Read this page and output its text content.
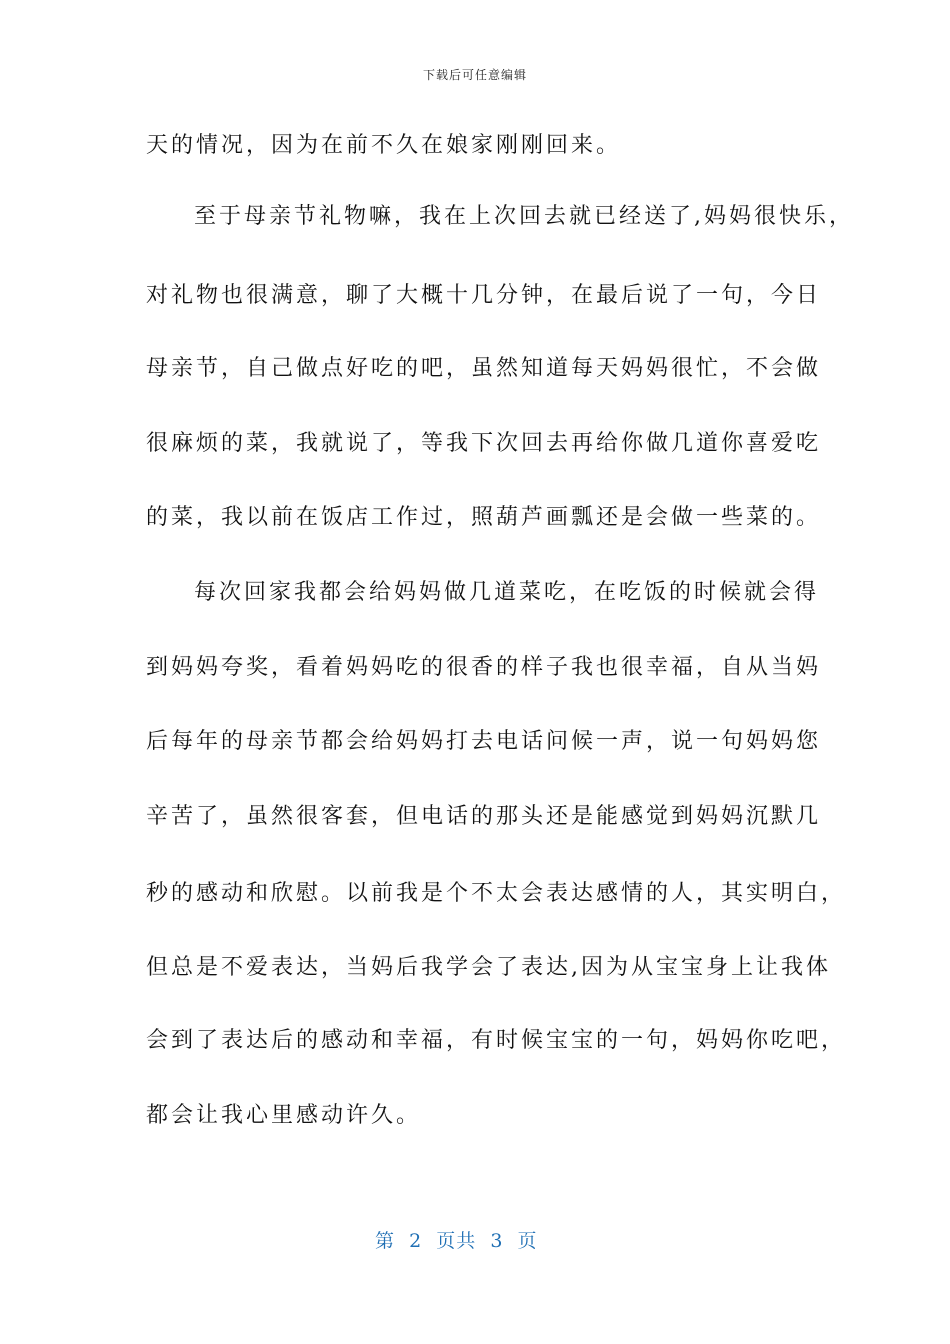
下载后可任意编辑
天的情况，因为在前不久在娘家刚刚回来。
至于母亲节礼物嘛，我在上次回去就已经送了,妈妈很快乐，
对礼物也很满意，聊了大概十几分钟，在最后说了一句，今日
母亲节，自己做点好吃的吧，虽然知道每天妈妈很忙，不会做
很麻烦的菜，我就说了，等我下次回去再给你做几道你喜爱吃
的菜，我以前在饭店工作过，照葫芦画瓢还是会做一些菜的。
每次回家我都会给妈妈做几道菜吃，在吃饭的时候就会得
到妈妈夸奖，看着妈妈吃的很香的样子我也很幸福，自从当妈
后每年的母亲节都会给妈妈打去电话问候一声，说一句妈妈您
辛苦了，虽然很客套，但电话的那头还是能感觉到妈妈沉默几
秒的感动和欣慰。以前我是个不太会表达感情的人，其实明白，
但总是不爱表达，当妈后我学会了表达,因为从宝宝身上让我体
会到了表达后的感动和幸福，有时候宝宝的一句，妈妈你吃吧，
都会让我心里感动许久。
第  2  页共  3  页
